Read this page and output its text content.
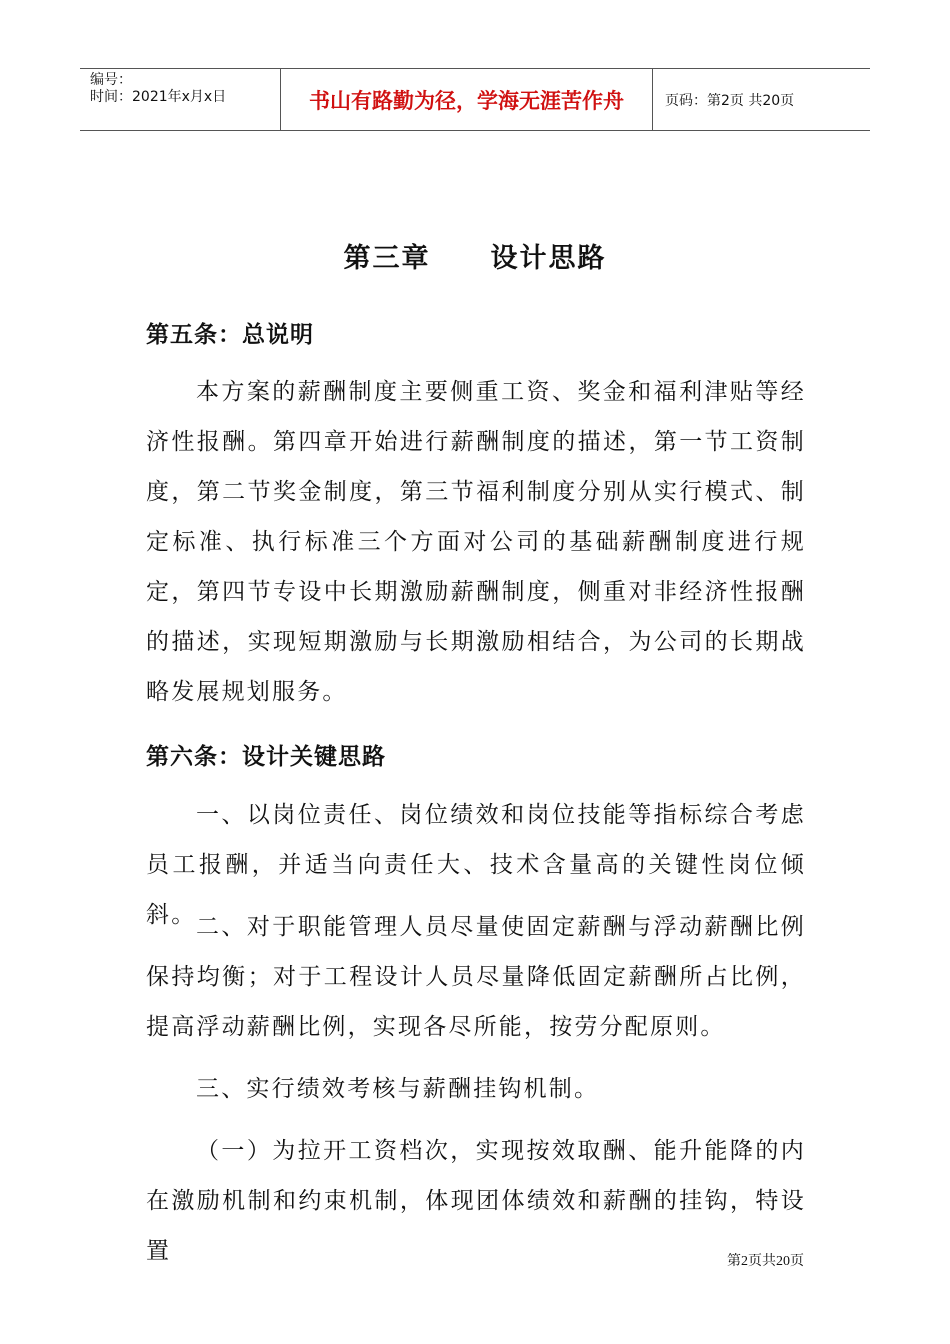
编号：
时间：2021年x月x日	书山有路勤为径，学海无涯苦作舟	页码：第2页 共20页
第三章 设计思路
第五条：总说明

本方案的薪酬制度主要侧重工资、奖金和福利津贴等经济性报酬。第四章开始进行薪酬制度的描述，第一节工资制度，第二节奖金制度，第三节福利制度分别从实行模式、制定标准、执行标准三个方面对公司的基础薪酬制度进行规定，第四节专设中长期激励薪酬制度，侧重对非经济性报酬的描述，实现短期激励与长期激励相结合，为公司的长期战略发展规划服务。

第六条：设计关键思路

一、以岗位责任、岗位绩效和岗位技能等指标综合考虑员工报酬，并适当向责任大、技术含量高的关键性岗位倾斜。 二、对于职能管理人员尽量使固定薪酬与浮动薪酬比例保持均衡；对于工程设计人员尽量降低固定薪酬所占比例，提高浮动薪酬比例，实现各尽所能，按劳分配原则。

三、实行绩效考核与薪酬挂钩机制。

（一）为拉开工资档次，实现按效取酬、能升能降的内在激励机制和约束机制，体现团体绩效和薪酬的挂钩，特设置	第2页共20页
